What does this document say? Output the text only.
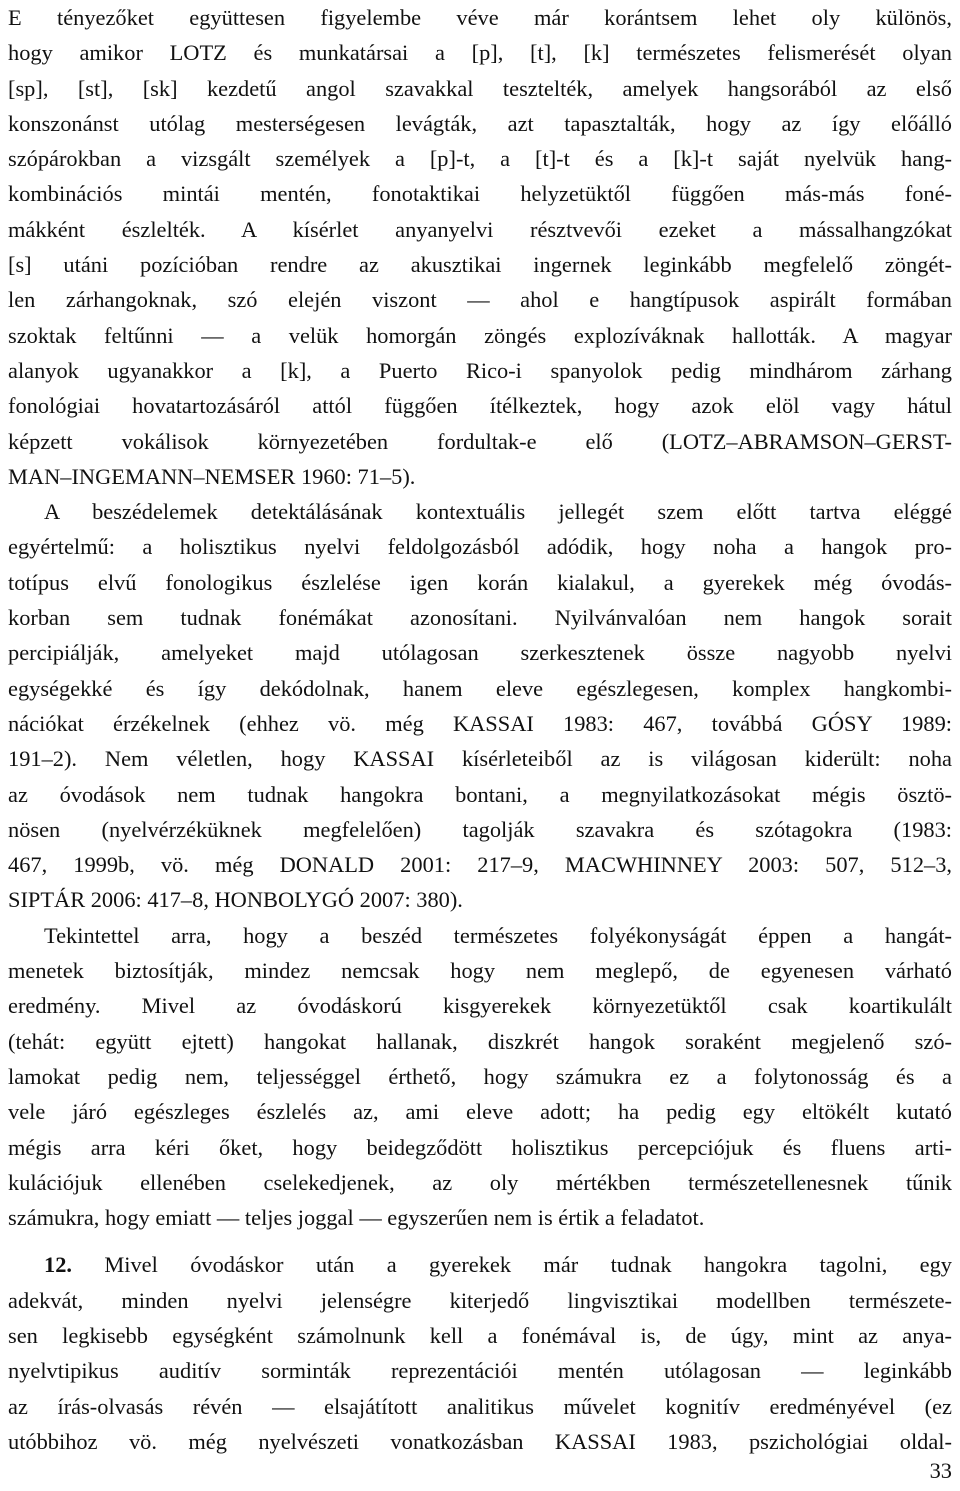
E tényezőket együttesen figyelembe véve már korántsem lehet oly különös,
hogy amikor LOTZ és munkatársai a [p], [t], [k] természetes felismerését olyan
[sp], [st], [sk] kezdetű angol szavakkal tesztelték, amelyek hangsorából az első
konszonánst utólag mesterségesen levágták, azt tapasztalták, hogy az így előálló
szópárokban a vizsgált személyek a [p]-t, a [t]-t és a [k]-t saját nyelvük hang-
kombinációs mintái mentén, fonotaktikai helyzetüktől függően más-más foné-
mákként észlelték. A kísérlet anyanyelvi résztvevői ezeket a mássalhangzókat
[s] utáni pozícióban rendre az akusztikai ingernek leginkább megfelelő zöngét-
len zárhangoknak, szó elején viszont — ahol e hangtípusok aspirált formában
szoktak feltűnni — a velük homorgán zöngés explozíváknak hallották. A magyar
alanyok ugyanakkor a [k], a Puerto Rico-i spanyolok pedig mindhárom zárhang
fonológiai hovatartozásáról attól függően ítélkeztek, hogy azok elöl vagy hátul
képzett vokálisok környezetében fordultak-e elő (LOTZ–ABRAMSON–GERST-
MAN–INGEMANN–NEMSER 1960: 71–5).
A beszédelemek detektálásának kontextuális jellegét szem előtt tartva eléggé
egyértelmű: a holisztikus nyelvi feldolgozásból adódik, hogy noha a hangok pro-
totípus elvű fonologikus észlelése igen korán kialakul, a gyerekek még óvodás-
korban sem tudnak fonémákat azonosítani. Nyilvánvalóan nem hangok sorait
percipiálják, amelyeket majd utólagosan szerkesztenek össze nagyobb nyelvi
egységekké és így dekódolnak, hanem eleve egészlegesen, komplex hangkombi-
nációkat érzékelnek (ehhez vö. még KASSAI 1983: 467, továbbá GÓSY 1989:
191–2). Nem véletlen, hogy KASSAI kísérleteiből az is világosan kiderült: noha
az óvodások nem tudnak hangokra bontani, a megnyilatkozásokat mégis ösztö-
nösen (nyelvérzéküknek megfelelően) tagolják szavakra és szótagokra (1983:
467, 1999b, vö. még DONALD 2001: 217–9, MACWHINNEY 2003: 507, 512–3,
SIPTÁR 2006: 417–8, HONBOLYGÓ 2007: 380).
Tekintettel arra, hogy a beszéd természetes folyékonyságát éppen a hangát-
menetek biztosítják, mindez nemcsak hogy nem meglepő, de egyenesen várható
eredmény. Mivel az óvodáskorú kisgyerekek környezetüktől csak koartikulált
(tehát: együtt ejtett) hangokat hallanak, diszkrét hangok soraként megjelenő szó-
lamokat pedig nem, teljességgel érthető, hogy számukra ez a folytonosság és a
vele járó egészleges észlelés az, ami eleve adott; ha pedig egy eltökélt kutató
mégis arra kéri őket, hogy beidegződött holisztikus percepciójuk és fluens arti-
kulációjuk ellenében cselekedjenek, az oly mértékben természetellenesnek tűnik
számukra, hogy emiatt — teljes joggal — egyszerűen nem is értik a feladatot.
12. Mivel óvodáskor után a gyerekek már tudnak hangokra tagolni, egy
adekvát, minden nyelvi jelenségre kiterjedő lingvisztikai modellben természete-
sen legkisebb egységként számolnunk kell a fonémával is, de úgy, mint az anya-
nyelvtipikus auditív sorminták reprezentációi mentén utólagosan — leginkább
az írás-olvasás révén — elsajátított analitikus művelet kognitív eredményével (ez
utóbbihoz vö. még nyelvészeti vonatkozásban KASSAI 1983, pszichológiai oldal-
33
